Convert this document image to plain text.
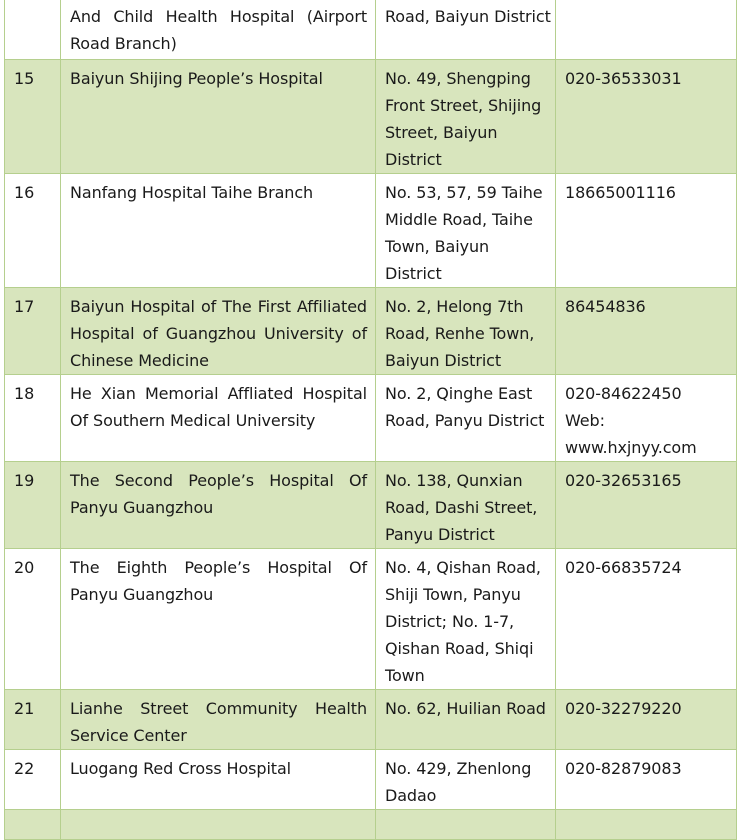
	And Child Health Hospital (Airport Road Branch)	Road, Baiyun District	

15	Baiyun Shijing People’s Hospital	No. 49, Shengping
Front Street, Shijing
Street, Baiyun
District	020-36533031

16	Nanfang Hospital Taihe Branch	No. 53, 57, 59 Taihe
Middle Road, Taihe
Town, Baiyun
District	18665001116

17	Baiyun Hospital of The First Affiliated Hospital of Guangzhou University of Chinese Medicine	No. 2, Helong 7th
Road, Renhe Town,
Baiyun District	86454836

18	He Xian Memorial Affliated Hospital Of Southern Medical University	No. 2, Qinghe East
Road, Panyu District	020-84622450
Web:
www.hxjnyy.com

19	The Second People’s Hospital Of Panyu Guangzhou	No. 138, Qunxian
Road, Dashi Street,
Panyu District	020-32653165

20	The Eighth People’s Hospital Of Panyu Guangzhou	No. 4, Qishan Road,
Shiji Town, Panyu
District; No. 1-7,
Qishan Road, Shiqi
Town	020-66835724

21	Lianhe Street Community Health Service Center	No. 62, Huilian Road	020-32279220

22	Luogang Red Cross Hospital	No. 429, Zhenlong
Dadao	020-82879083
